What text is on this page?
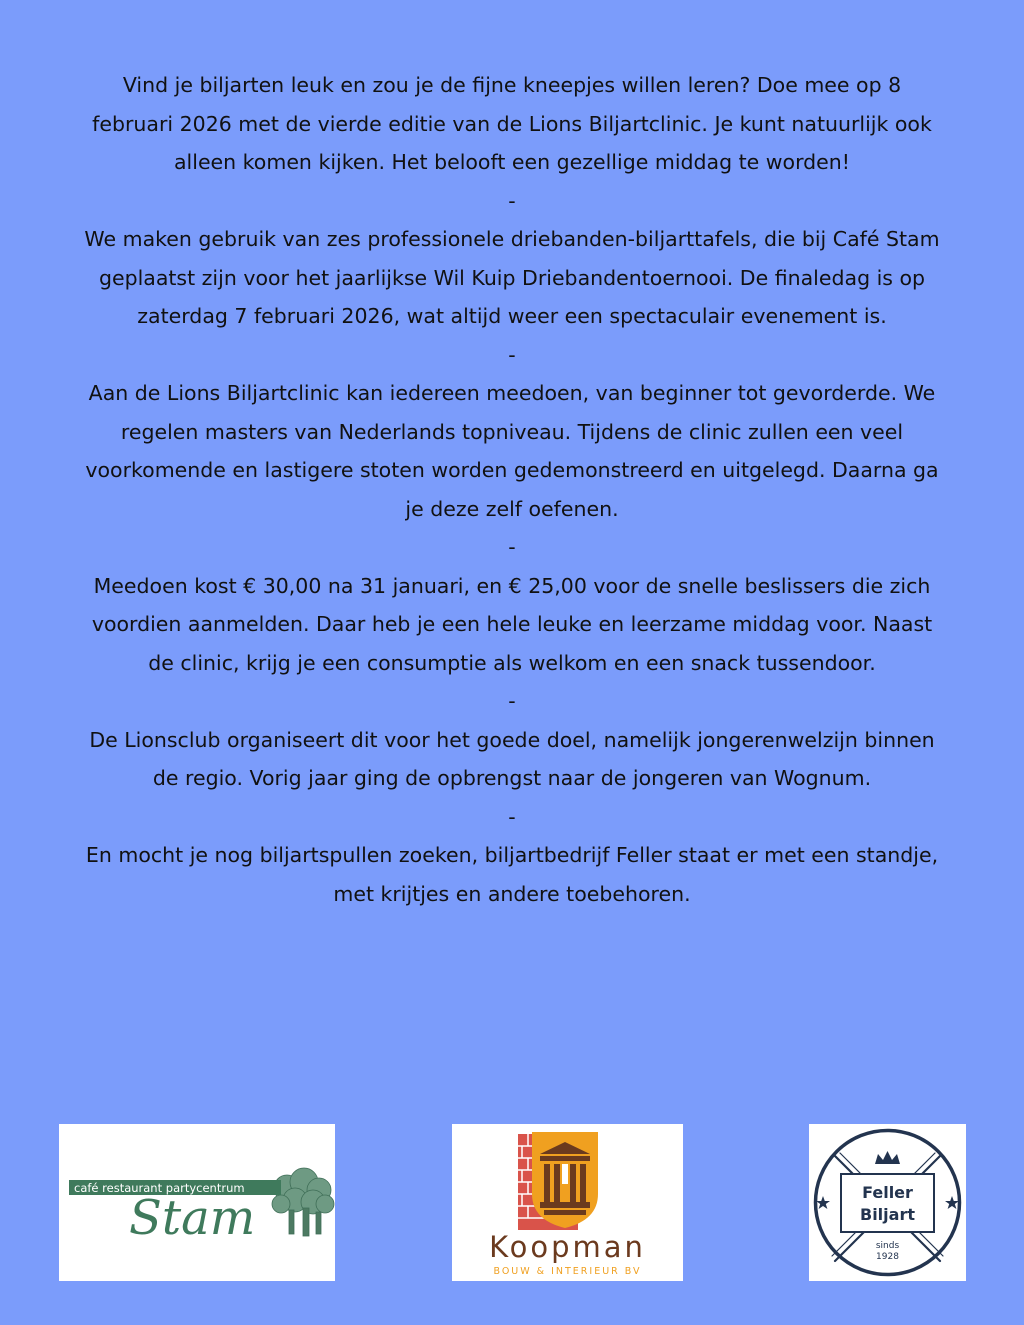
Vind je biljarten leuk en zou je de fijne kneepjes willen leren? Doe mee op 8 februari 2026 met de vierde editie van de Lions Biljartclinic. Je kunt natuurlijk ook alleen komen kijken. Het belooft een gezellige middag te worden!

-

We maken gebruik van zes professionele driebanden-biljarttafels, die bij Café Stam geplaatst zijn voor het jaarlijkse Wil Kuip Driebandentoernooi. De finaledag is op zaterdag 7 februari 2026, wat altijd weer een spectaculair evenement is.

-

Aan de Lions Biljartclinic kan iedereen meedoen, van beginner tot gevorderde. We regelen masters van Nederlands topniveau. Tijdens de clinic zullen een veel voorkomende en lastigere stoten worden gedemonstreerd en uitgelegd. Daarna ga je deze zelf oefenen.

-

Meedoen kost € 30,00 na 31 januari, en € 25,00 voor de snelle beslissers die zich voordien aanmelden. Daar heb je een hele leuke en leerzame middag voor. Naast de clinic, krijg je een consumptie als welkom en een snack tussendoor.

-

De Lionsclub organiseert dit voor het goede doel, namelijk jongerenwelzijn binnen de regio. Vorig jaar ging de opbrengst naar de jongeren van Wognum.

-

En mocht je nog biljartspullen zoeken, biljartbedrijf Feller staat er met een standje, met krijtjes en andere toebehoren.

café restaurant partycentrum
Stam
Koopman
BOUW & INTERIEUR BV
Feller
Biljart
sinds
1928
